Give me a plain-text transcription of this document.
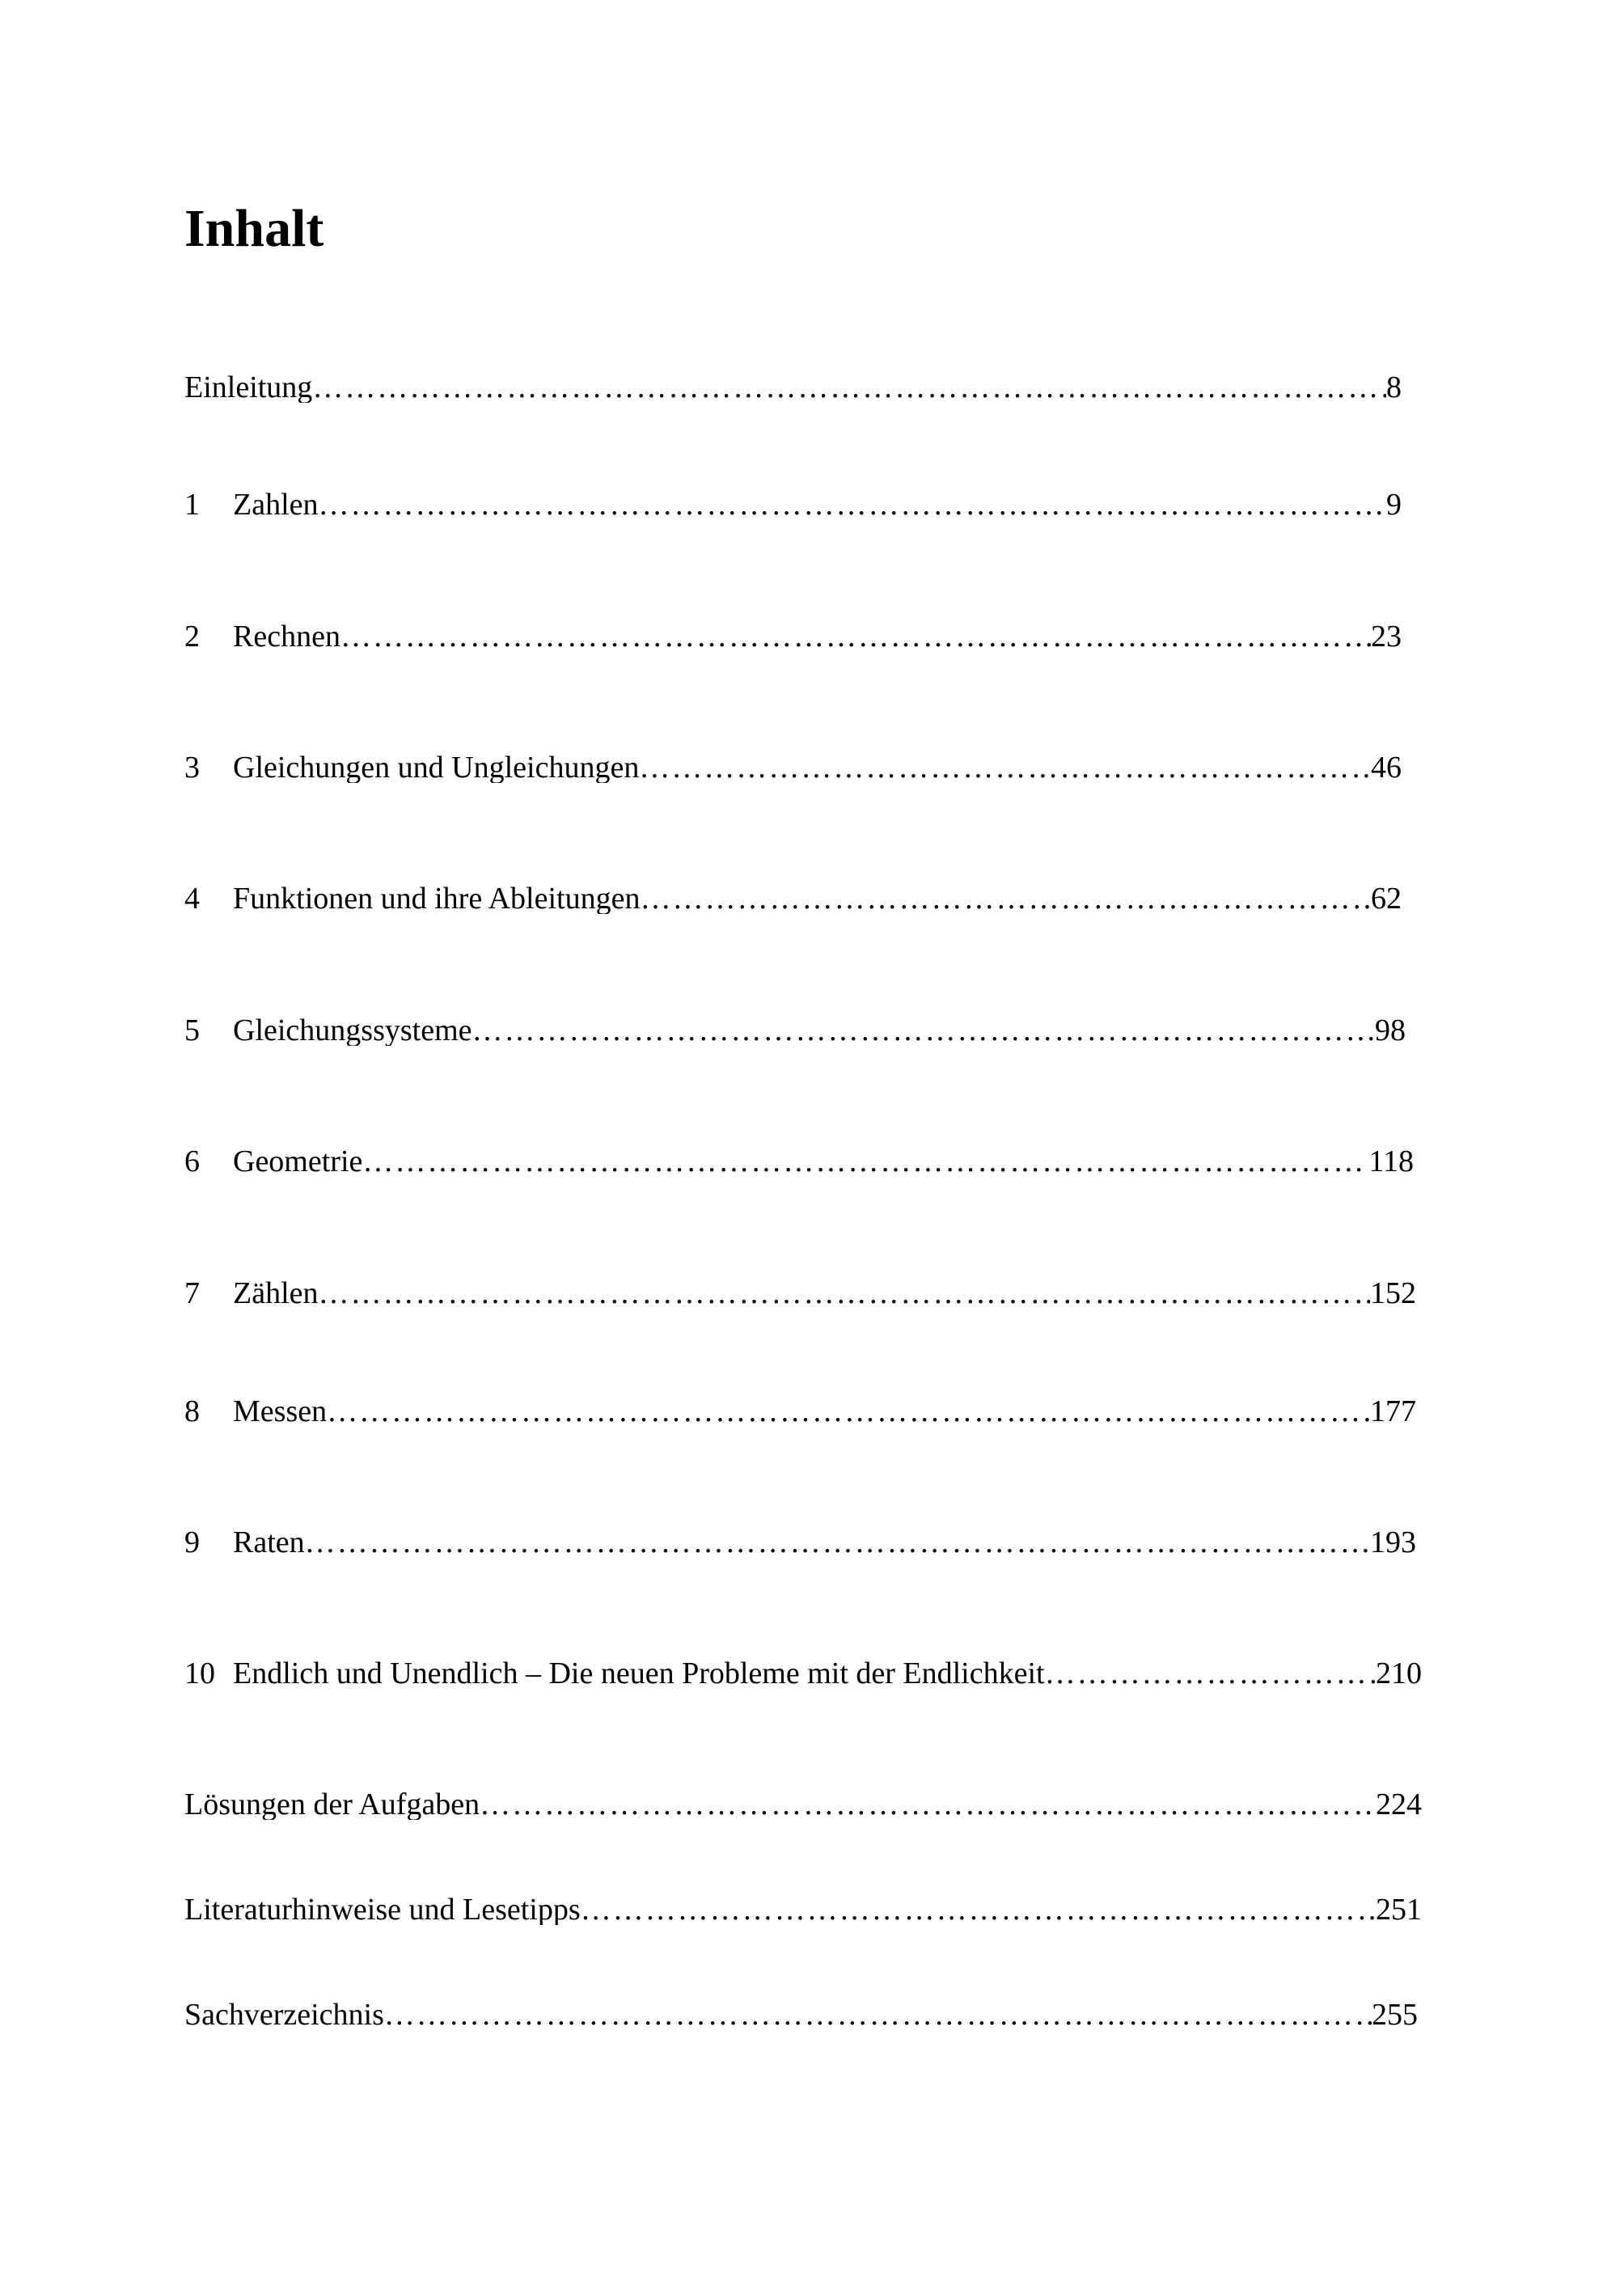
Inhalt
Einleitung ……………………………………………………………………………………………………………………………………………………………………………………………………	8
1	Zahlen ……………………………………………………………………………………………………………………………………………………………………………………………………	9
2	Rechnen ……………………………………………………………………………………………………………………………………………………………………………………………………	23
3	Gleichungen und Ungleichungen ……………………………………………………………………………………………………………………………………………………………………………………………………	46
4	Funktionen und ihre Ableitungen ……………………………………………………………………………………………………………………………………………………………………………………………………	62
5	Gleichungssysteme ……………………………………………………………………………………………………………………………………………………………………………………………………	98
6	Geometrie ……………………………………………………………………………………………………………………………………………………………………………………………………	118
7	Zählen ……………………………………………………………………………………………………………………………………………………………………………………………………	152
8	Messen ……………………………………………………………………………………………………………………………………………………………………………………………………	177
9	Raten ……………………………………………………………………………………………………………………………………………………………………………………………………	193
10 Endlich und Unendlich – Die neuen Probleme mit der Endlichkeit ……………………………………………………………………………………………………………………………………………………………………………………………………	210
Lösungen der Aufgaben ……………………………………………………………………………………………………………………………………………………………………………………………………	224
Literaturhinweise und Lesetipps ……………………………………………………………………………………………………………………………………………………………………………………………………	251
Sachverzeichnis ……………………………………………………………………………………………………………………………………………………………………………………………………	255
